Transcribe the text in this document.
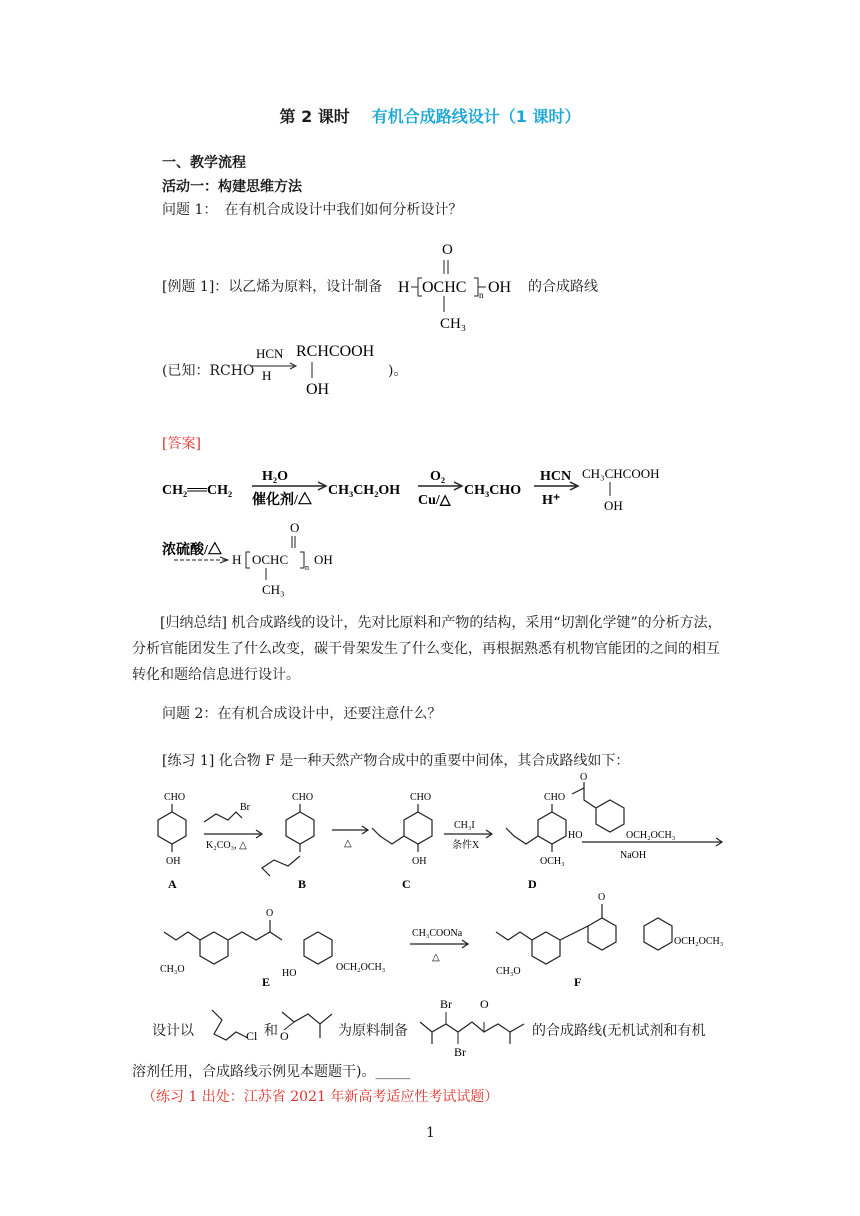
第 2 课时 有机合成路线设计（1 课时）
一、教学流程
活动一：构建思维方法
问题 1：　在有机合成设计中我们如何分析设计？
[例题 1]：以乙烯为原料，设计制备
O
H OCHC n OH
CH₃
的合成路线
(已知：RCHO
HCN
H
RCHCOOH
OH
)。
[答案]
CH₂══CH₂
H₂O
催化剂/△
CH₃CH₂OH
O₂
Cu/△
CH₃CHO
HCN
H⁺
CH₃CHCOOH
OH
浓硫酸/△
O
H OCHC
n
OH
CH₃
[归纳总结] 机合成路线的设计，先对比原料和产物的结构，采用“切割化学键”的分析方法，分析官能团发生了什么改变，碳干骨架发生了什么变化，再根据熟悉有机物官能团的之间的相互转化和题给信息进行设计。
问题 2：在有机合成设计中，还要注意什么？
[练习 1] 化合物 F 是一种天然产物合成中的重要中间体，其合成路线如下：
CHO
OH
Br
K₂CO₃, △
CHO
△
CHO
OH
CH₃I
条件X
CHO
OCH₃
O
HO	OCH₂OCH₃
NaOH
O
CH₃O	HO
OCH₂OCH₃
CH₃COONa
△
O
CH₃O
OCH₂OCH₃
A	B	C	D
E	F
设计以	Cl 和 O	为原料制备
Br O
Br
的合成路线(无机试剂和有机
溶剂任用，合成路线示例见本题题干)。_____
（练习 1 出处：江苏省 2021 年新高考适应性考试试题）
1
